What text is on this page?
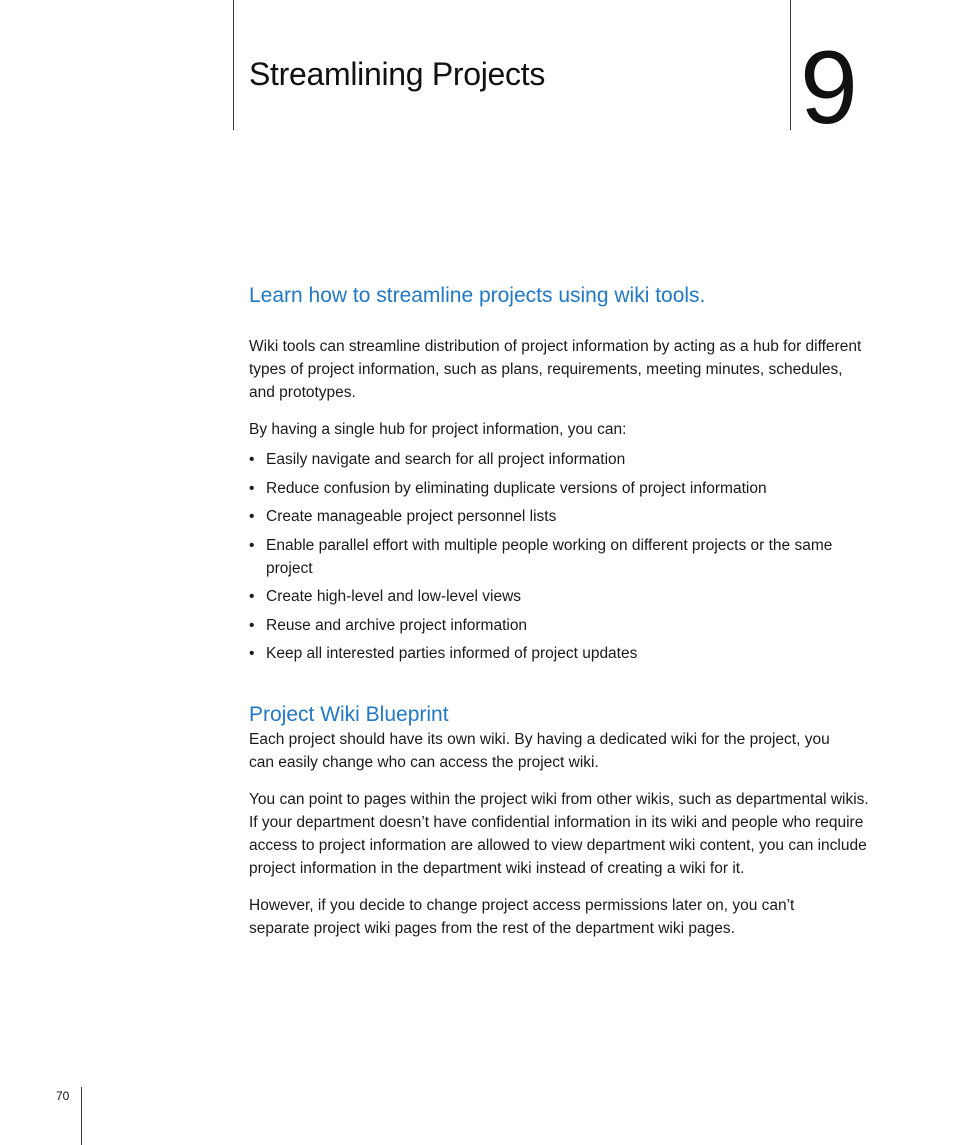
Streamlining Projects 9
Learn how to streamline projects using wiki tools.

Wiki tools can streamline distribution of project information by acting as a hub for different types of project information, such as plans, requirements, meeting minutes, schedules, and prototypes.

By having a single hub for project information, you can:

• Easily navigate and search for all project information
• Reduce confusion by eliminating duplicate versions of project information
• Create manageable project personnel lists
• Enable parallel effort with multiple people working on different projects or the same project
• Create high-level and low-level views
• Reuse and archive project information
• Keep all interested parties informed of project updates
Project Wiki Blueprint

Each project should have its own wiki. By having a dedicated wiki for the project, you can easily change who can access the project wiki.

You can point to pages within the project wiki from other wikis, such as departmental wikis. If your department doesn’t have confidential information in its wiki and people who require access to project information are allowed to view department wiki content, you can include project information in the department wiki instead of creating a wiki for it.

However, if you decide to change project access permissions later on, you can’t separate project wiki pages from the rest of the department wiki pages.

70
